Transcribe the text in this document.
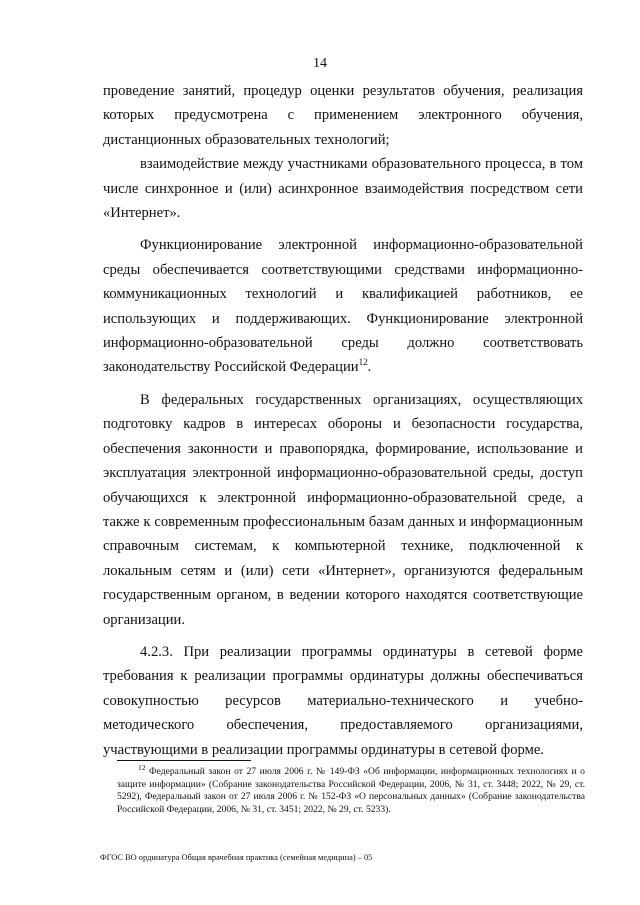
14

проведение занятий, процедур оценки результатов обучения, реализация которых предусмотрена с применением электронного обучения, дистанционных образовательных технологий;

взаимодействие между участниками образовательного процесса, в том числе синхронное и (или) асинхронное взаимодействия посредством сети «Интернет».

Функционирование электронной информационно-образовательной среды обеспечивается соответствующими средствами информационно-коммуникационных технологий и квалификацией работников, ее использующих и поддерживающих. Функционирование электронной информационно-образовательной среды должно соответствовать законодательству Российской Федерации$^{12}$.

В федеральных государственных организациях, осуществляющих подготовку кадров в интересах обороны и безопасности государства, обеспечения законности и правопорядка, формирование, использование и эксплуатация электронной информационно-образовательной среды, доступ обучающихся к электронной информационно-образовательной среде, а также к современным профессиональным базам данных и информационным справочным системам, к компьютерной технике, подключенной к локальным сетям и (или) сети «Интернет», организуются федеральным государственным органом, в ведении которого находятся соответствующие организации.

4.2.3. При реализации программы ординатуры в сетевой форме требования к реализации программы ординатуры должны обеспечиваться совокупностью ресурсов материально-технического и учебно-методического обеспечения, предоставляемого организациями, участвующими в реализации программы ординатуры в сетевой форме.

$^{12}$ Федеральный закон от 27 июля 2006 г. № 149-ФЗ «Об информации, информационных технологиях и о защите информации» (Собрание законодательства Российской Федерации, 2006, № 31, ст. 3448; 2022, № 29, ст. 5292), Федеральный закон от 27 июля 2006 г. № 152-ФЗ «О персональных данных» (Собрание законодательства Российской Федерации, 2006, № 31, ст. 3451; 2022, № 29, ст. 5233).
ФГОС ВО ординатура Общая врачебная практика (семейная медицина) – 05
